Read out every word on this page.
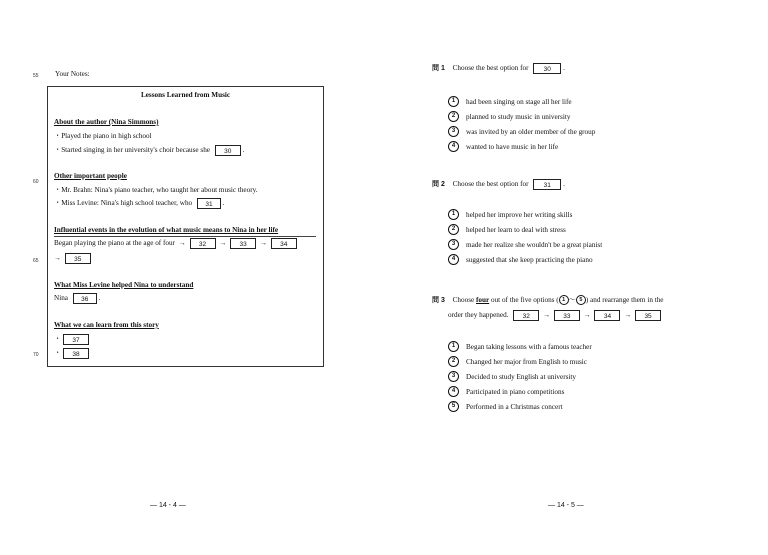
55 Your Notes:
Lessons Learned from Music
About the author (Nina Simmons)
・Played the piano in high school
・Started singing in her university's choir because she 30 .
Other important people
・Mr. Brahn: Nina's piano teacher, who taught her about music theory.
・Miss Levine: Nina's high school teacher, who 31 .
Influential events in the evolution of what music means to Nina in her life
Began playing the piano at the age of four → 32 → 33 → 34
→ 35
What Miss Levine helped Nina to understand
Nina 36 .
What we can learn from this story
・ 37
・ 38
60
65
70
― 14 - 4 ―
問 1 Choose the best option for 30 .
1	had been singing on stage all her life
2	planned to study music in university
3	was invited by an older member of the group
4	wanted to have music in her life
問 2 Choose the best option for 31 .
1	helped her improve her writing skills
2	helped her learn to deal with stress
3	made her realize she wouldn't be a great pianist
4	suggested that she keep practicing the piano
問 3 Choose four out of the five options ( 1 ～ 5 ) and rearrange them in the
order they happened. 32 → 33 → 34 → 35
1	Began taking lessons with a famous teacher
2	Changed her major from English to music
3	Decided to study English at university
4	Participated in piano competitions
5	Performed in a Christmas concert
― 14 - 5 ―
